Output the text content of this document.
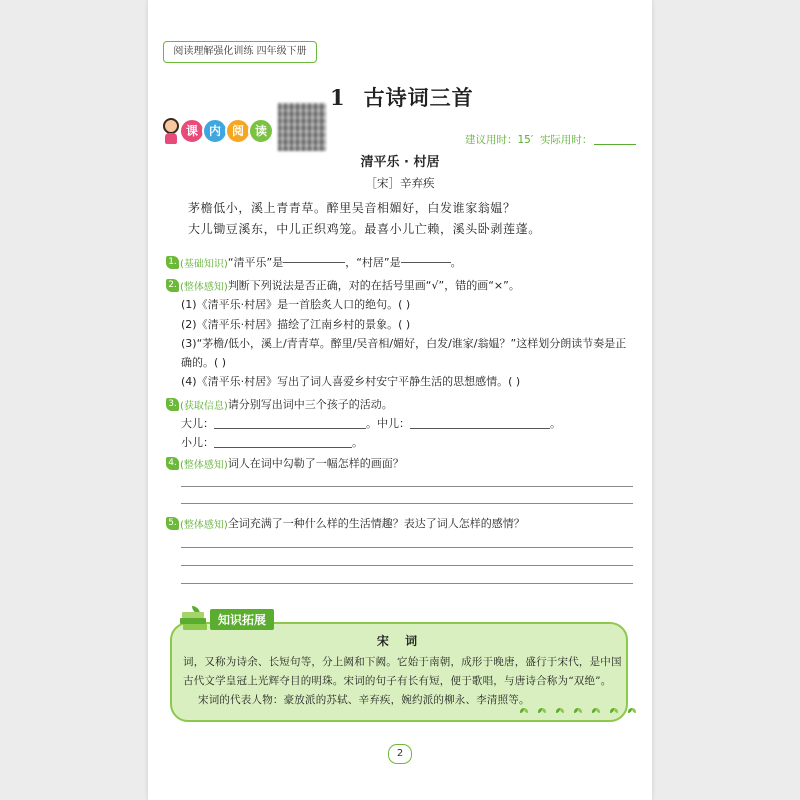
阅读理解强化训练 四年级下册
1 古诗词三首
课 内 阅 读
建议用时：15′ 实际用时：
清平乐 · 村居
［宋］辛弃疾
茅檐低小，溪上青青草。醉里吴音相媚好，白发谁家翁媪？
大儿锄豆溪东，中儿正织鸡笼。最喜小儿亡赖，溪头卧剥莲蓬。
1. (基础知识) “清平乐”是	，“村居”是	。
2. (整体感知) 判断下列说法是否正确，对的在括号里画“√”，错的画“×”。
(1)《清平乐·村居》是一首脍炙人口的绝句。( )
(2)《清平乐·村居》描绘了江南乡村的景象。( )
(3)“茅檐/低小，溪上/青青草。醉里/吴音相/媚好，白发/谁家/翁媪？”这样划分朗读节奏是正
确的。( )
(4)《清平乐·村居》写出了词人喜爱乡村安宁平静生活的思想感情。( )
3. (获取信息) 请分别写出词中三个孩子的活动。
大儿：	。中儿：	。
小儿：	。
4. (整体感知) 词人在词中勾勒了一幅怎样的画面？
5. (整体感知) 全词充满了一种什么样的生活情趣？表达了词人怎样的感情？
知识拓展
宋 词
词，又称为诗余、长短句等，分上阙和下阙。它始于南朝，成形于晚唐，盛行于宋代，是中国
古代文学皇冠上光辉夺目的明珠。宋词的句子有长有短，便于歌唱，与唐诗合称为“双绝”。
宋词的代表人物：豪放派的苏轼、辛弃疾，婉约派的柳永、李清照等。
2
